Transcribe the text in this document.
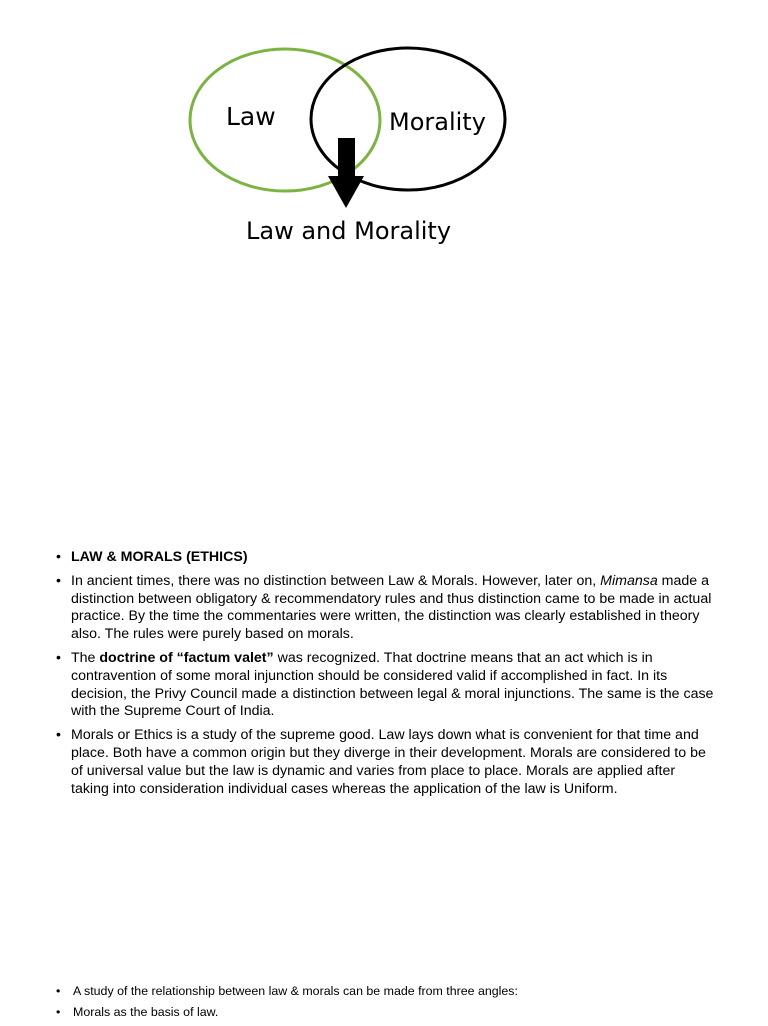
Law	Morality
Law and Morality
• LAW & MORALS (ETHICS)
• In ancient times, there was no distinction between Law & Morals. However, later on, Mimansa made a distinction between obligatory & recommendatory rules and thus distinction came to be made in actual practice. By the time the commentaries were written, the distinction was clearly established in theory also. The rules were purely based on morals.
• The doctrine of “factum valet” was recognized. That doctrine means that an act which is in contravention of some moral injunction should be considered valid if accomplished in fact. In its decision, the Privy Council made a distinction between legal & moral injunctions. The same is the case with the Supreme Court of India.
• Morals or Ethics is a study of the supreme good. Law lays down what is convenient for that time and place. Both have a common origin but they diverge in their development. Morals are considered to be of universal value but the law is dynamic and varies from place to place. Morals are applied after taking into consideration individual cases whereas the application of the law is Uniform.
• A study of the relationship between law & morals can be made from three angles:
• Morals as the basis of law.
